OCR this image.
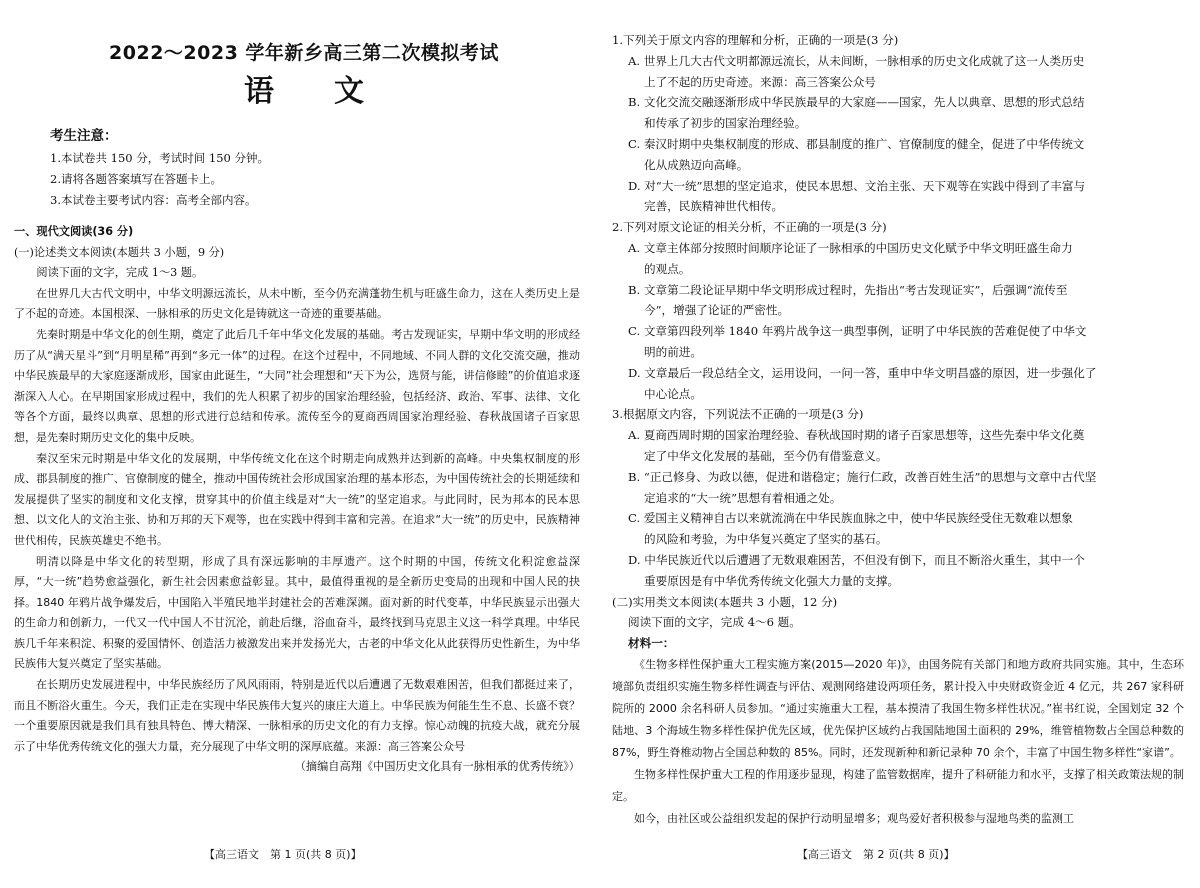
2022～2023 学年新乡高三第二次模拟考试
语文
考生注意：
1.本试卷共 150 分，考试时间 150 分钟。
2.请将各题答案填写在答题卡上。
3.本试卷主要考试内容：高考全部内容。
一、现代文阅读(36 分)
(一)论述类文本阅读(本题共 3 小题，9 分)
阅读下面的文字，完成 1～3 题。

在世界几大古代文明中，中华文明源远流长，从未中断，至今仍充满蓬勃生机与旺盛生命力，这在人类历史上是了不起的奇迹。本国根深、一脉相承的历史文化是铸就这一奇迹的重要基础。

先秦时期是中华文化的创生期，奠定了此后几千年中华文化发展的基础。考古发现证实，早期中华文明的形成经历了从“满天星斗”到“月明星稀”再到“多元一体”的过程。在这个过程中，不同地域、不同人群的文化交流交融，推动中华民族最早的大家庭逐渐成形，国家由此诞生，“大同”社会理想和“天下为公，选贤与能，讲信修睦”的价值追求逐渐深入人心。在早期国家形成过程中，我们的先人积累了初步的国家治理经验，包括经济、政治、军事、法律、文化等各个方面，最终以典章、思想的形式进行总结和传承。流传至今的夏商西周国家治理经验、春秋战国诸子百家思想，是先秦时期历史文化的集中反映。

秦汉至宋元时期是中华文化的发展期，中华传统文化在这个时期走向成熟并达到新的高峰。中央集权制度的形成、郡县制度的推广、官僚制度的健全，推动中国传统社会形成国家治理的基本形态，为中国传统社会的长期延续和发展提供了坚实的制度和文化支撑，贯穿其中的价值主线是对“大一统”的坚定追求。与此同时，民为邦本的民本思想、以文化人的文治主张、协和万邦的天下观等，也在实践中得到丰富和完善。在追求“大一统”的历史中，民族精神世代相传，民族英雄史不绝书。

明清以降是中华文化的转型期，形成了具有深远影响的丰厚遗产。这个时期的中国，传统文化积淀愈益深厚，“大一统”趋势愈益强化，新生社会因素愈益彰显。其中，最值得重视的是全新历史变局的出现和中国人民的抉择。1840 年鸦片战争爆发后，中国陷入半殖民地半封建社会的苦难深渊。面对新的时代变革，中华民族显示出强大的生命力和创新力，一代又一代中国人不甘沉沦，前赴后继，浴血奋斗，最终找到马克思主义这一科学真理。中华民族几千年来积淀、积聚的爱国情怀、创造活力被激发出来并发扬光大，古老的中华文化从此获得历史性新生，为中华民族伟大复兴奠定了坚实基础。

在长期历史发展进程中，中华民族经历了风风雨雨，特别是近代以后遭遇了无数艰难困苦，但我们都挺过来了，而且不断浴火重生。今天，我们正走在实现中华民族伟大复兴的康庄大道上。中华民族为何能生生不息、长盛不衰？一个重要原因就是我们具有独具特色、博大精深、一脉相承的历史文化的有力支撑。惊心动魄的抗疫大战，就充分展示了中华优秀传统文化的强大力量，充分展现了中华文明的深厚底蕴。来源：高三答案公众号

（摘编自高翔《中国历史文化具有一脉相承的优秀传统》）
【高三语文　第 1 页(共 8 页)】
1.下列关于原文内容的理解和分析，正确的一项是(3 分)
A. 世界上几大古代文明都源远流长，从未间断，一脉相承的历史文化成就了这一人类历史
上了不起的历史奇迹。来源：高三答案公众号
B. 文化交流交融逐渐形成中华民族最早的大家庭——国家，先人以典章、思想的形式总结
和传承了初步的国家治理经验。
C. 秦汉时期中央集权制度的形成、郡县制度的推广、官僚制度的健全，促进了中华传统文
化从成熟迈向高峰。
D. 对“大一统”思想的坚定追求，使民本思想、文治主张、天下观等在实践中得到了丰富与
完善，民族精神世代相传。
2.下列对原文论证的相关分析，不正确的一项是(3 分)
A. 文章主体部分按照时间顺序论证了一脉相承的中国历史文化赋予中华文明旺盛生命力
的观点。
B. 文章第二段论证早期中华文明形成过程时，先指出“考古发现证实”，后强调“流传至
今”，增强了论证的严密性。
C. 文章第四段列举 1840 年鸦片战争这一典型事例，证明了中华民族的苦难促使了中华文
明的前进。
D. 文章最后一段总结全文，运用设问，一问一答，重申中华文明昌盛的原因，进一步强化了
中心论点。
3.根据原文内容，下列说法不正确的一项是(3 分)
A. 夏商西周时期的国家治理经验、春秋战国时期的诸子百家思想等，这些先秦中华文化奠
定了中华文化发展的基础，至今仍有借鉴意义。
B. “正己修身、为政以德，促进和谐稳定；施行仁政，改善百姓生活”的思想与文章中古代坚
定追求的“大一统”思想有着相通之处。
C. 爱国主义精神自古以来就流淌在中华民族血脉之中，使中华民族经受住无数难以想象
的风险和考验，为中华复兴奠定了坚实的基石。
D. 中华民族近代以后遭遇了无数艰难困苦，不但没有倒下，而且不断浴火重生，其中一个
重要原因是有中华优秀传统文化强大力量的支撑。
(二)实用类文本阅读(本题共 3 小题，12 分)
阅读下面的文字，完成 4～6 题。
材料一：

《生物多样性保护重大工程实施方案(2015—2020 年)》，由国务院有关部门和地方政府共同实施。其中，生态环境部负责组织实施生物多样性调查与评估、观测网络建设两项任务，累计投入中央财政资金近 4 亿元，共 267 家科研院所的 2000 余名科研人员参加。“通过实施重大工程，基本摸清了我国生物多样性状况。”崔书红说，全国划定 32 个陆地、3 个海域生物多样性保护优先区域，优先保护区域约占我国陆地国土面积的 29%，维管植物数占全国总种数的 87%，野生脊椎动物占全国总种数的 85%。同时，还发现新种和新记录种 70 余个，丰富了中国生物多样性“家谱”。

生物多样性保护重大工程的作用逐步显现，构建了监管数据库，提升了科研能力和水平，支撑了相关政策法规的制定。

如今，由社区或公益组织发起的保护行动明显增多；观鸟爱好者积极参与湿地鸟类的监测工

【高三语文　第 2 页(共 8 页)】
